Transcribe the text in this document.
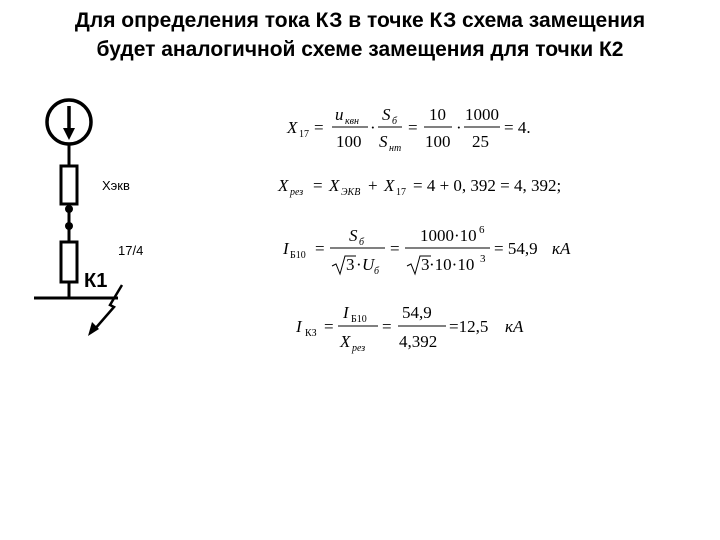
Для определения тока КЗ в точке КЗ схема замещения
будет аналогичной схеме замещения для точки К2
Хэкв
17/4
К1
X 17 =
u квн
100
·
S б
S нт
=
10
100
·
1000
25
= 4.
X рез = X ЭКВ + X 17 = 4 + 0, 392 = 4, 392;
I Б10 =
S б
3 · U б
=
1000·10 6
3 ·10·10 3
= 54,9 кА
I КЗ =
I Б10
X рез
=
54,9
4,392
=12,5 кА
